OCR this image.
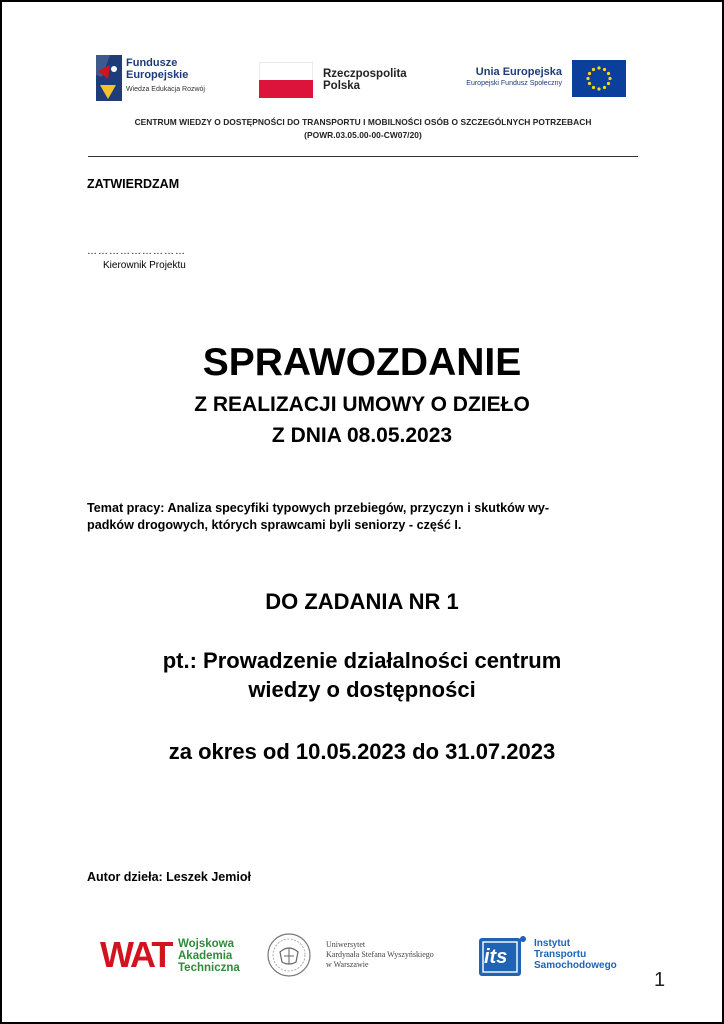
Fundusze
Europejskie
Wiedza Edukacja Rozwój
Rzeczpospolita
Polska
Unia Europejska
Europejski Fundusz Społeczny
CENTRUM WIEDZY O DOSTĘPNOŚCI DO TRANSPORTU I MOBILNOŚCI OSÓB O SZCZEGÓLNYCH POTRZEBACH
(POWR.03.05.00-00-CW07/20)
ZATWIERDZAM
………………………
Kierownik Projektu
SPRAWOZDANIE
Z REALIZACJI UMOWY O DZIEŁO
Z DNIA 08.05.2023
Temat pracy: Analiza specyfiki typowych przebiegów, przyczyn i skutków wy-
padków drogowych, których sprawcami byli seniorzy - część I.
DO ZADANIA NR 1
pt.: Prowadzenie działalności centrum
wiedzy o dostępności
za okres od 10.05.2023 do 31.07.2023
Autor dzieła: Leszek Jemioł
WAT Wojskowa
Akademia
Techniczna
Uniwersytet
Kardynała Stefana Wyszyńskiego
w Warszawie	its
Instytut
Transportu
Samochodowego
1
